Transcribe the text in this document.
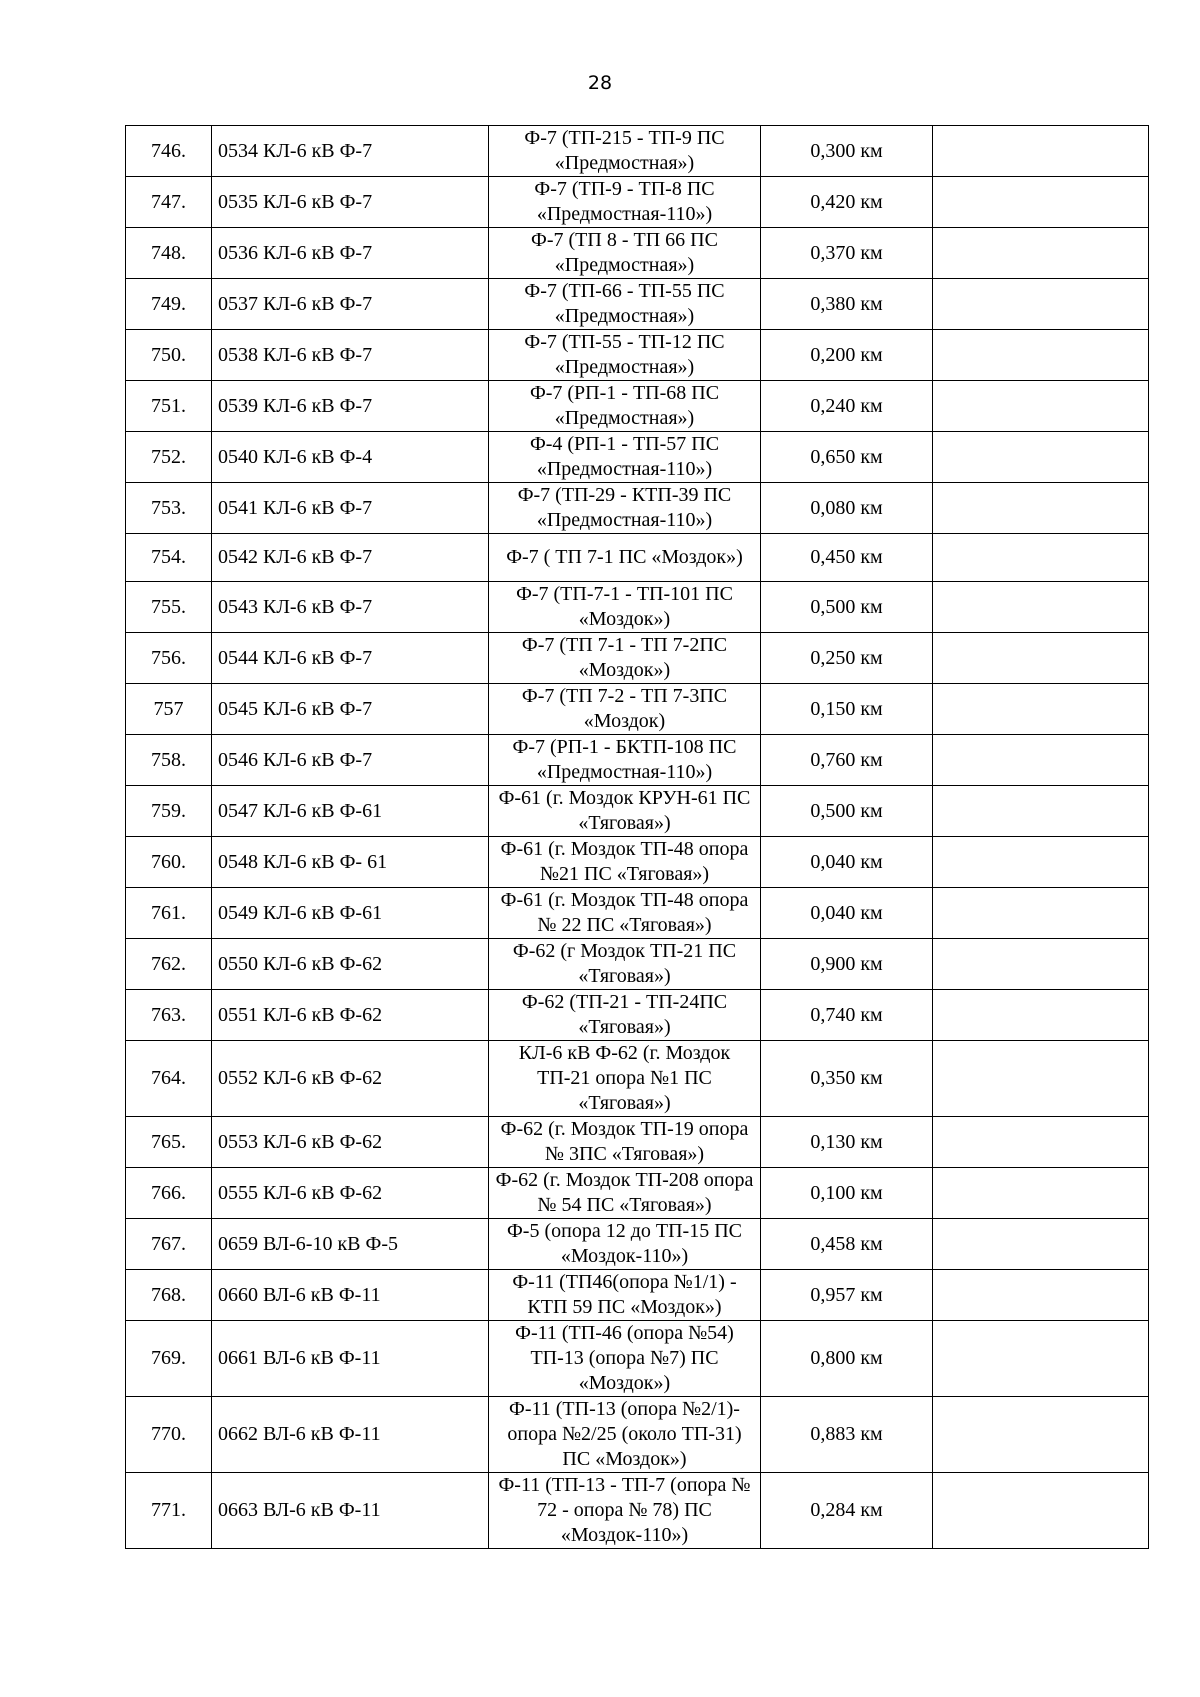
28
746.	0534 КЛ-6 кВ Ф-7	Ф-7 (ТП-215 - ТП-9 ПС «Предмостная»)	0,300 км	
747.	0535 КЛ-6 кВ Ф-7	Ф-7 (ТП-9 - ТП-8 ПС «Предмостная-110»)	0,420 км	
748.	0536 КЛ-6 кВ Ф-7	Ф-7 (ТП 8 - ТП 66 ПС «Предмостная»)	0,370 км	
749.	0537 КЛ-6 кВ Ф-7	Ф-7 (ТП-66 - ТП-55 ПС «Предмостная»)	0,380 км	
750.	0538 КЛ-6 кВ Ф-7	Ф-7 (ТП-55 - ТП-12 ПС «Предмостная»)	0,200 км	
751.	0539 КЛ-6 кВ Ф-7	Ф-7 (РП-1 - ТП-68 ПС «Предмостная»)	0,240 км	
752.	0540 КЛ-6 кВ Ф-4	Ф-4 (РП-1 - ТП-57 ПС «Предмостная-110»)	0,650 км	
753.	0541 КЛ-6 кВ Ф-7	Ф-7 (ТП-29 - КТП-39 ПС «Предмостная-110»)	0,080 км	
754.	0542 КЛ-6 кВ Ф-7	Ф-7 ( ТП 7-1 ПС «Моздок»)	0,450 км	
755.	0543 КЛ-6 кВ Ф-7	Ф-7 (ТП-7-1 - ТП-101 ПС «Моздок»)	0,500 км	
756.	0544 КЛ-6 кВ Ф-7	Ф-7 (ТП 7-1 - ТП 7-2ПС «Моздок»)	0,250 км	
757	0545 КЛ-6 кВ Ф-7	Ф-7 (ТП 7-2 - ТП 7-3ПС «Моздок)	0,150 км	
758.	0546 КЛ-6 кВ Ф-7	Ф-7 (РП-1 - БКТП-108 ПС «Предмостная-110»)	0,760 км	
759.	0547 КЛ-6 кВ Ф-61	Ф-61 (г. Моздок КРУН-61 ПС «Тяговая»)	0,500 км	
760.	0548 КЛ-6 кВ Ф- 61	Ф-61 (г. Моздок ТП-48 опора №21 ПС «Тяговая»)	0,040 км	
761.	0549 КЛ-6 кВ Ф-61	Ф-61 (г. Моздок ТП-48 опора № 22 ПС «Тяговая»)	0,040 км	
762.	0550 КЛ-6 кВ Ф-62	Ф-62 (г Моздок ТП-21 ПС «Тяговая»)	0,900 км	
763.	0551 КЛ-6 кВ Ф-62	Ф-62 (ТП-21 - ТП-24ПС «Тяговая»)	0,740 км	
764.	0552 КЛ-6 кВ Ф-62	КЛ-6 кВ Ф-62 (г. Моздок ТП-21 опора №1 ПС «Тяговая»)	0,350 км	
765.	0553 КЛ-6 кВ Ф-62	Ф-62 (г. Моздок ТП-19 опора № 3ПС «Тяговая»)	0,130 км	
766.	0555 КЛ-6 кВ Ф-62	Ф-62 (г. Моздок ТП-208 опора № 54 ПС «Тяговая»)	0,100 км	
767.	0659 ВЛ-6-10 кВ Ф-5	Ф-5 (опора 12 до ТП-15 ПС «Моздок-110»)	0,458 км	
768.	0660 ВЛ-6 кВ Ф-11	Ф-11 (ТП46(опора №1/1) - КТП 59 ПС «Моздок»)	0,957 км	
769.	0661 ВЛ-6 кВ Ф-11	Ф-11 (ТП-46 (опора №54) ТП-13 (опора №7) ПС «Моздок»)	0,800 км	
770.	0662 ВЛ-6 кВ Ф-11	Ф-11 (ТП-13 (опора №2/1)- опора №2/25 (около ТП-31) ПС «Моздок»)	0,883 км	
771.	0663 ВЛ-6 кВ Ф-11	Ф-11 (ТП-13 - ТП-7 (опора № 72 - опора № 78) ПС «Моздок-110»)	0,284 км	
